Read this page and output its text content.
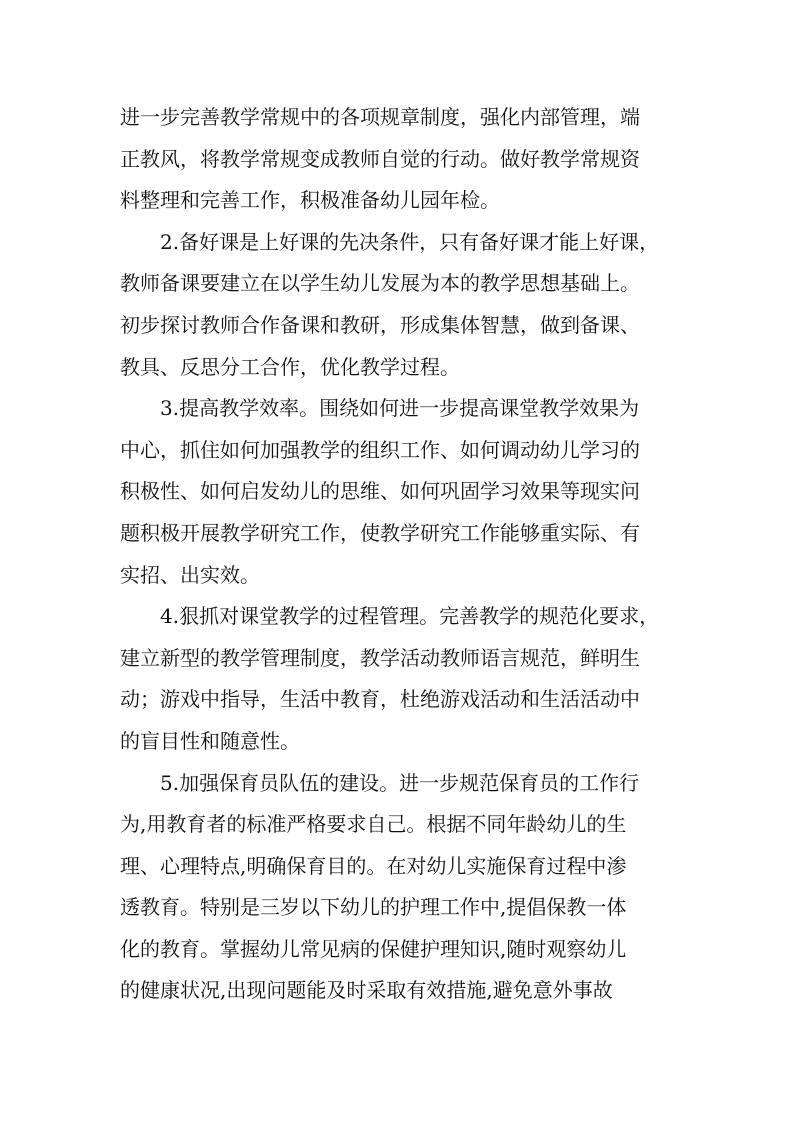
进一步完善教学常规中的各项规章制度，强化内部管理，端
正教风，将教学常规变成教师自觉的行动。做好教学常规资
料整理和完善工作，积极准备幼儿园年检。
2.备好课是上好课的先决条件，只有备好课才能上好课，
教师备课要建立在以学生幼儿发展为本的教学思想基础上。
初步探讨教师合作备课和教研，形成集体智慧，做到备课、
教具、反思分工合作，优化教学过程。
3.提高教学效率。围绕如何进一步提高课堂教学效果为
中心，抓住如何加强教学的组织工作、如何调动幼儿学习的
积极性、如何启发幼儿的思维、如何巩固学习效果等现实问
题积极开展教学研究工作，使教学研究工作能够重实际、有
实招、出实效。
4.狠抓对课堂教学的过程管理。完善教学的规范化要求，
建立新型的教学管理制度，教学活动教师语言规范，鲜明生
动；游戏中指导，生活中教育，杜绝游戏活动和生活活动中
的盲目性和随意性。
5.加强保育员队伍的建设。进一步规范保育员的工作行
为,用教育者的标准严格要求自己。根据不同年龄幼儿的生
理、心理特点,明确保育目的。在对幼儿实施保育过程中渗
透教育。特别是三岁以下幼儿的护理工作中,提倡保教一体
化的教育。掌握幼儿常见病的保健护理知识,随时观察幼儿
的健康状况,出现问题能及时采取有效措施,避免意外事故
